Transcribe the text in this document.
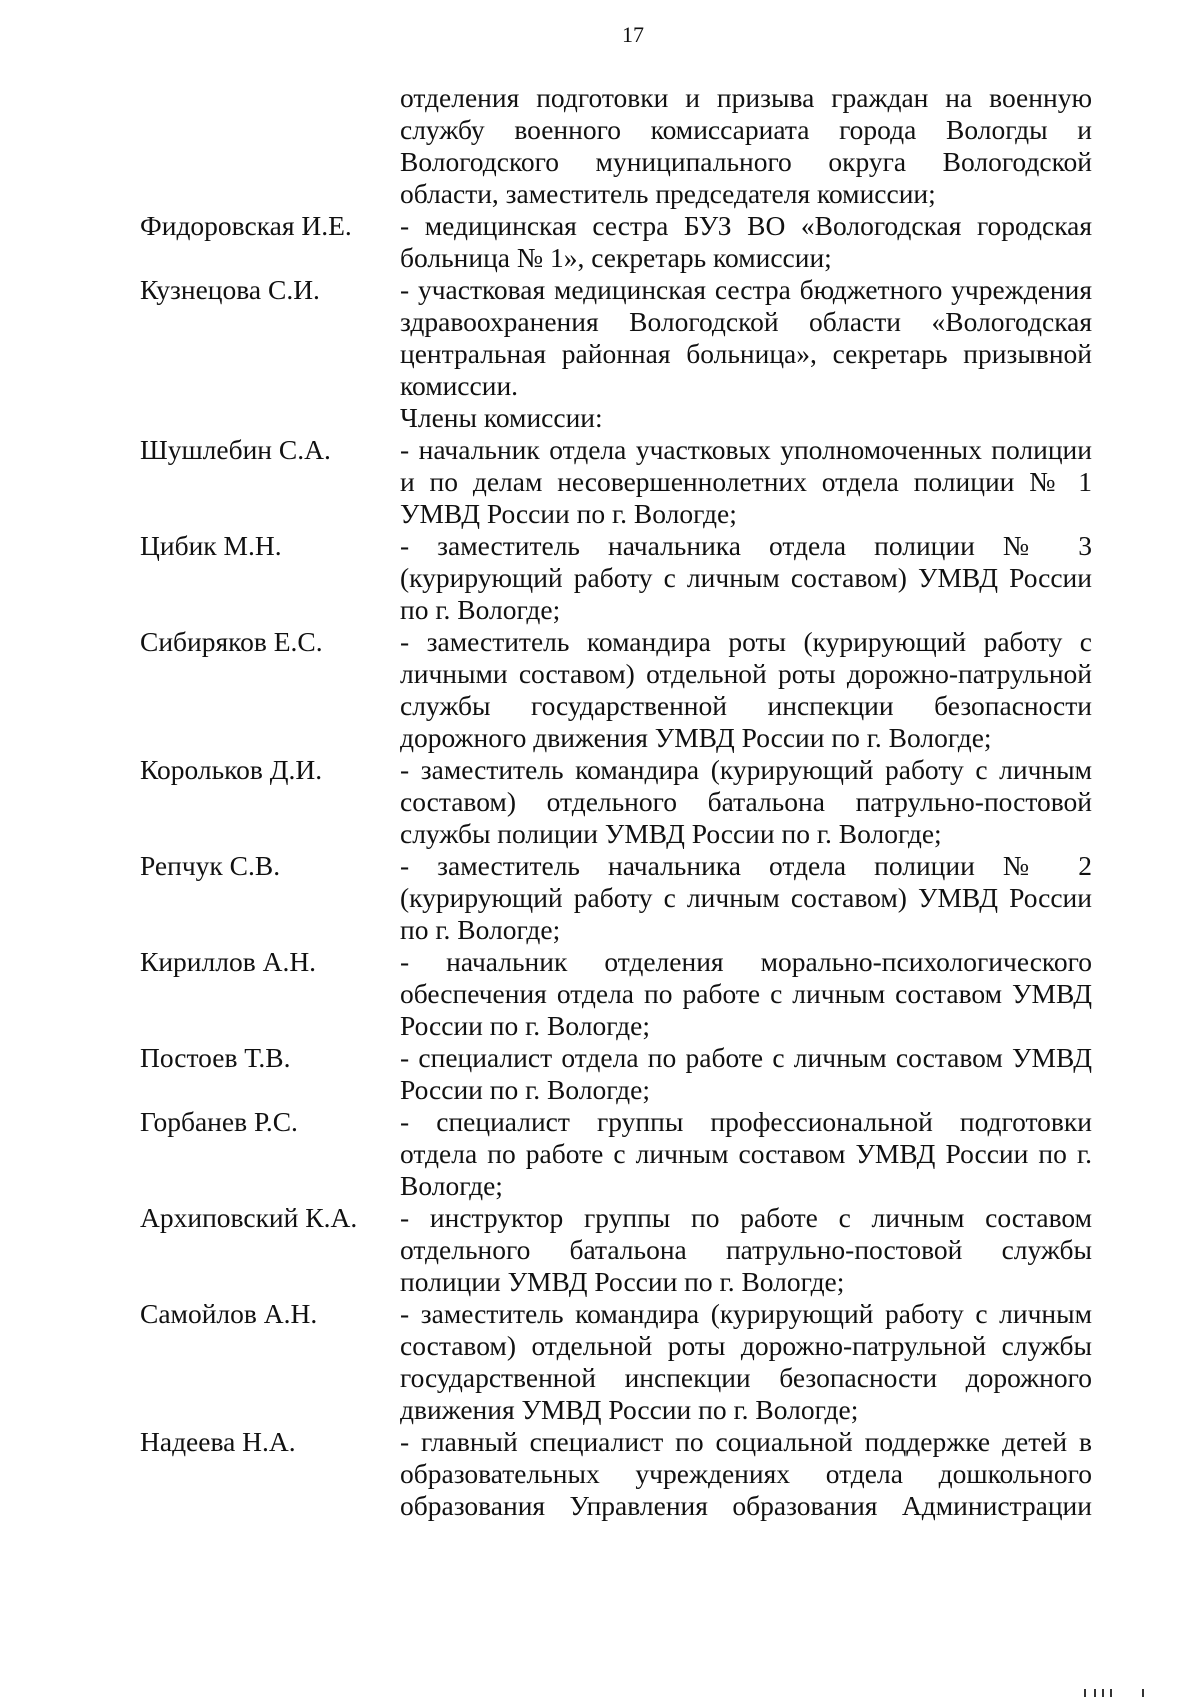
17
отделения подготовки и призыва граждан на военную службу военного комиссариата города Вологды и Вологодского муниципального округа Вологодской области, заместитель председателя комиссии;
Фидоровская И.Е.	- медицинская сестра БУЗ ВО «Вологодская городская больница № 1», секретарь комиссии;
Кузнецова С.И.	- участковая медицинская сестра бюджетного учреждения здравоохранения Вологодской области «Вологодская центральная районная больница», секретарь призывной комиссии.
Члены комиссии:
Шушлебин С.А.	- начальник отдела участковых уполномоченных полиции и по делам несовершеннолетних отдела полиции № 1 УМВД России по г. Вологде;
Цибик М.Н.	- заместитель начальника отдела полиции № 3 (курирующий работу с личным составом) УМВД России по г. Вологде;
Сибиряков Е.С.	- заместитель командира роты (курирующий работу с личными составом) отдельной роты дорожно-патрульной службы государственной инспекции безопасности дорожного движения УМВД России по г. Вологде;
Корольков Д.И.	- заместитель командира (курирующий работу с личным составом) отдельного батальона патрульно-постовой службы полиции УМВД России по г. Вологде;
Репчук С.В.	- заместитель начальника отдела полиции № 2 (курирующий работу с личным составом) УМВД России по г. Вологде;
Кириллов А.Н.	- начальник отделения морально-психологического обеспечения отдела по работе с личным составом УМВД России по г. Вологде;
Постоев Т.В.	- специалист отдела по работе с личным составом УМВД России по г. Вологде;
Горбанев Р.С.	- специалист группы профессиональной подготовки отдела по работе с личным составом УМВД России по г. Вологде;
Архиповский К.А.	- инструктор группы по работе с личным составом отдельного батальона патрульно-постовой службы полиции УМВД России по г. Вологде;
Самойлов А.Н.	- заместитель командира (курирующий работу с личным составом) отдельной роты дорожно-патрульной службы государственной инспекции безопасности дорожного движения УМВД России по г. Вологде;
Надеева Н.А.	- главный специалист по социальной поддержке детей в образовательных учреждениях отдела дошкольного образования Управления образования Администрации
